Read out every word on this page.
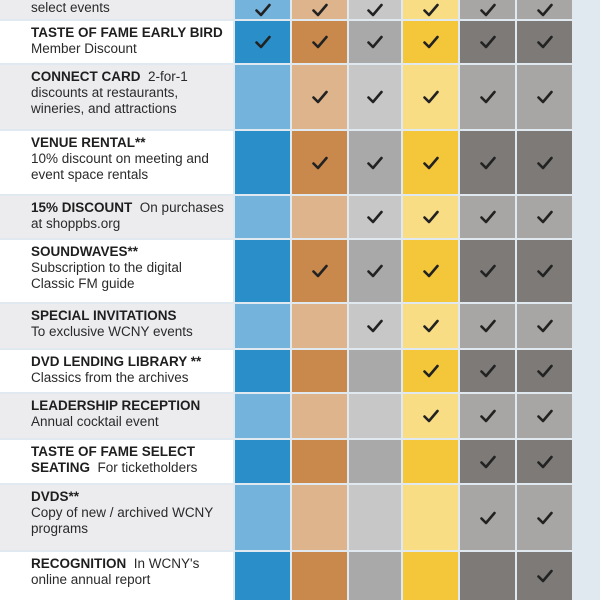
select events
TASTE OF FAME EARLY BIRD
Member Discount
CONNECT CARD 2-for-1 discounts at restaurants, wineries, and attractions
VENUE RENTAL**
10% discount on meeting and event space rentals
15% DISCOUNT On purchases at shoppbs.org
SOUNDWAVES**
Subscription to the digital Classic FM guide
SPECIAL INVITATIONS
To exclusive WCNY events
DVD LENDING LIBRARY **
Classics from the archives
LEADERSHIP RECEPTION
Annual cocktail event
TASTE OF FAME SELECT SEATING For ticketholders
DVDS**
Copy of new / archived WCNY programs
RECOGNITION In WCNY's online annual report
